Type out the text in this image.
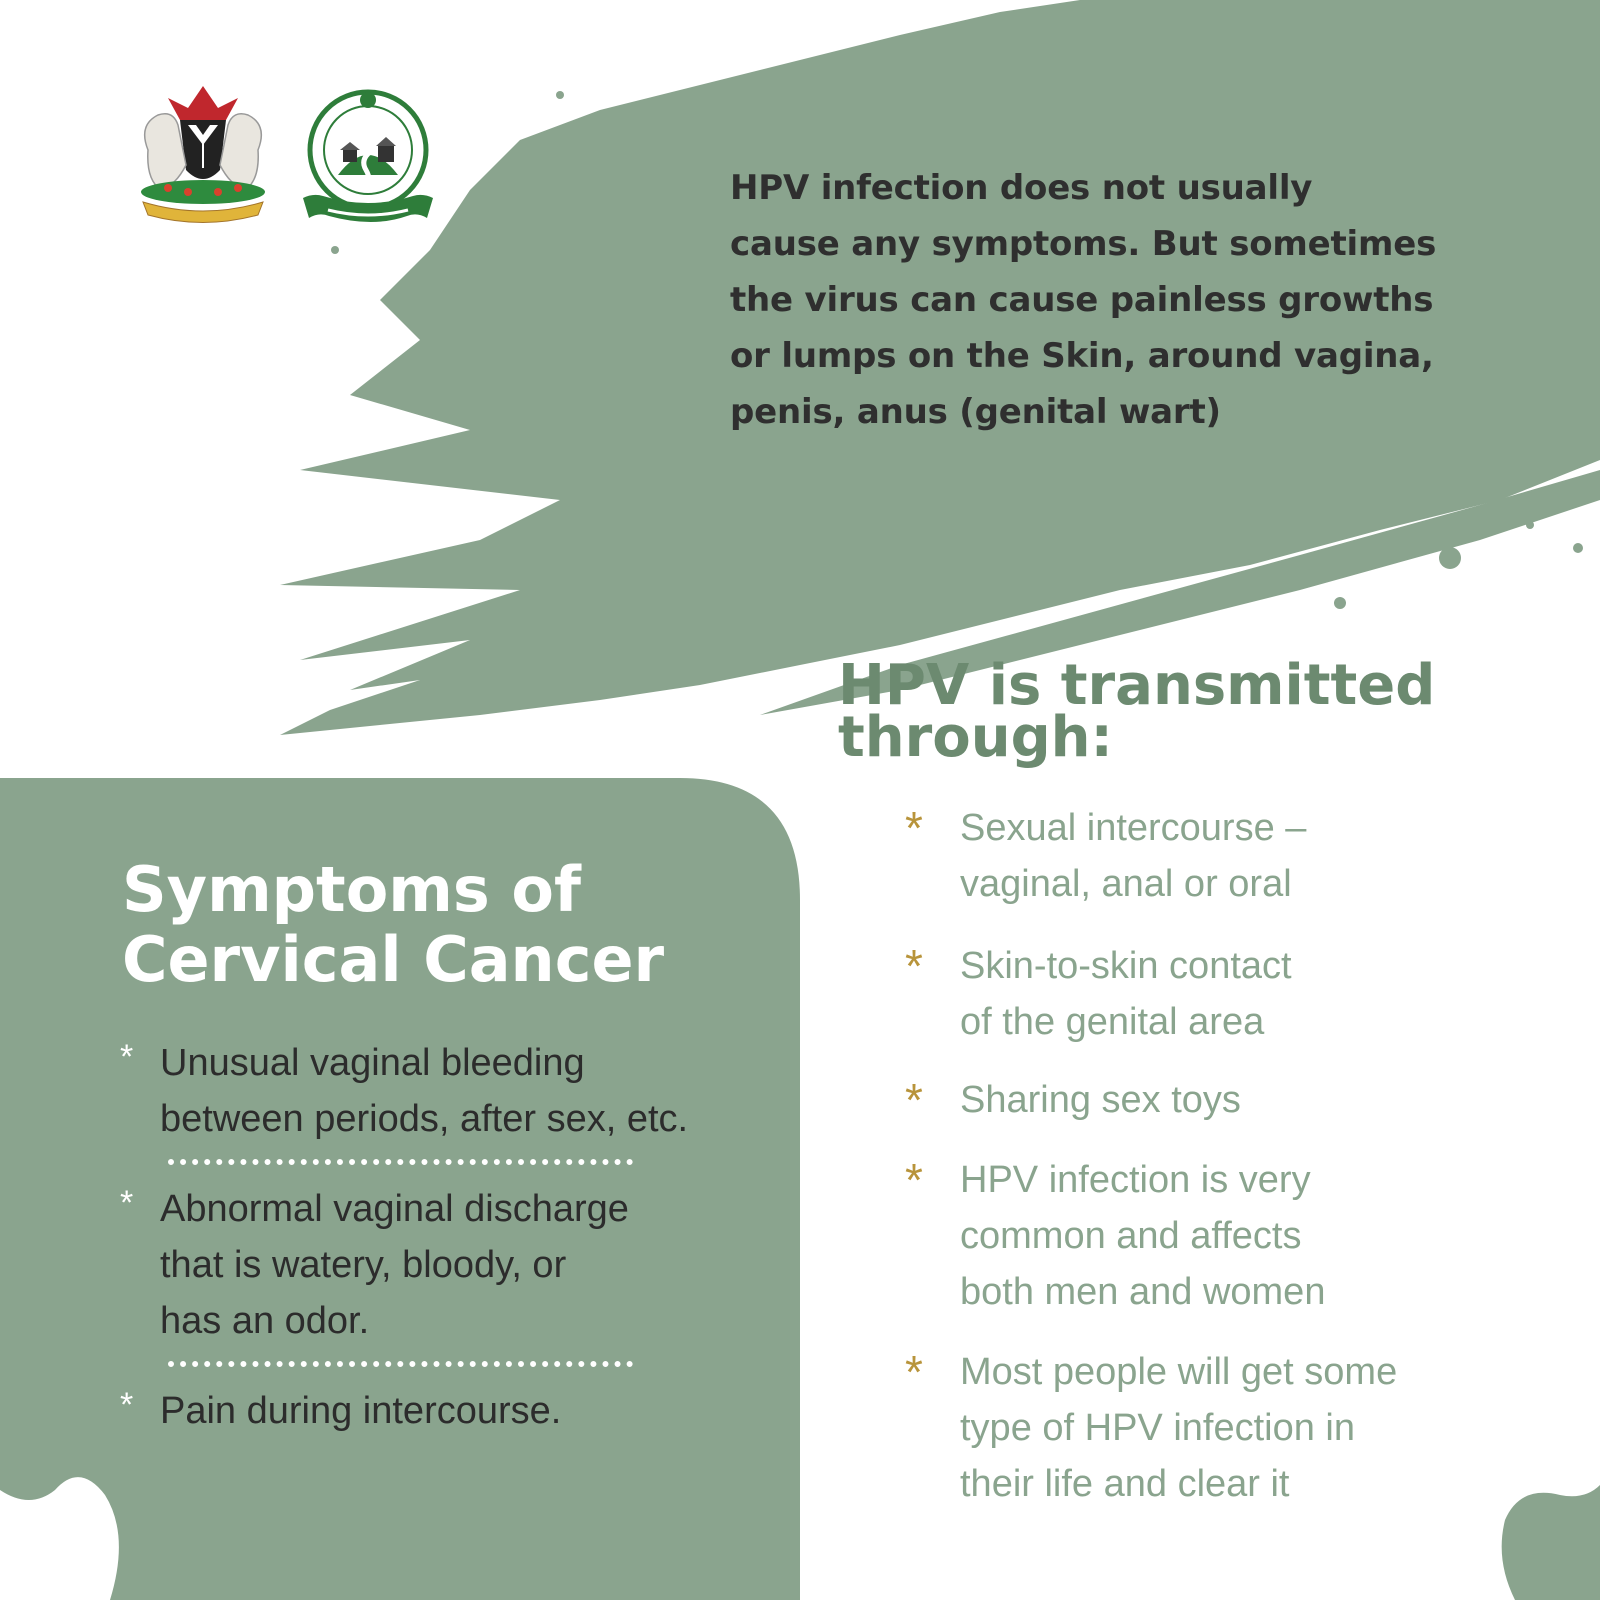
HPV infection does not usually
cause any symptoms. But sometimes
the virus can cause painless growths
or lumps on the Skin, around vagina,
penis, anus (genital wart)
HPV is transmitted
through:
* Sexual intercourse –
vaginal, anal or oral
* Skin-to-skin contact
of the genital area
* Sharing sex toys
* HPV infection is very
common and affects
both men and women
* Most people will get some
type of HPV infection in
their life and clear it
Symptoms of
Cervical Cancer
* Unusual vaginal bleeding
between periods, after sex, etc.
* Abnormal vaginal discharge
that is watery, bloody, or
has an odor.
* Pain during intercourse.
